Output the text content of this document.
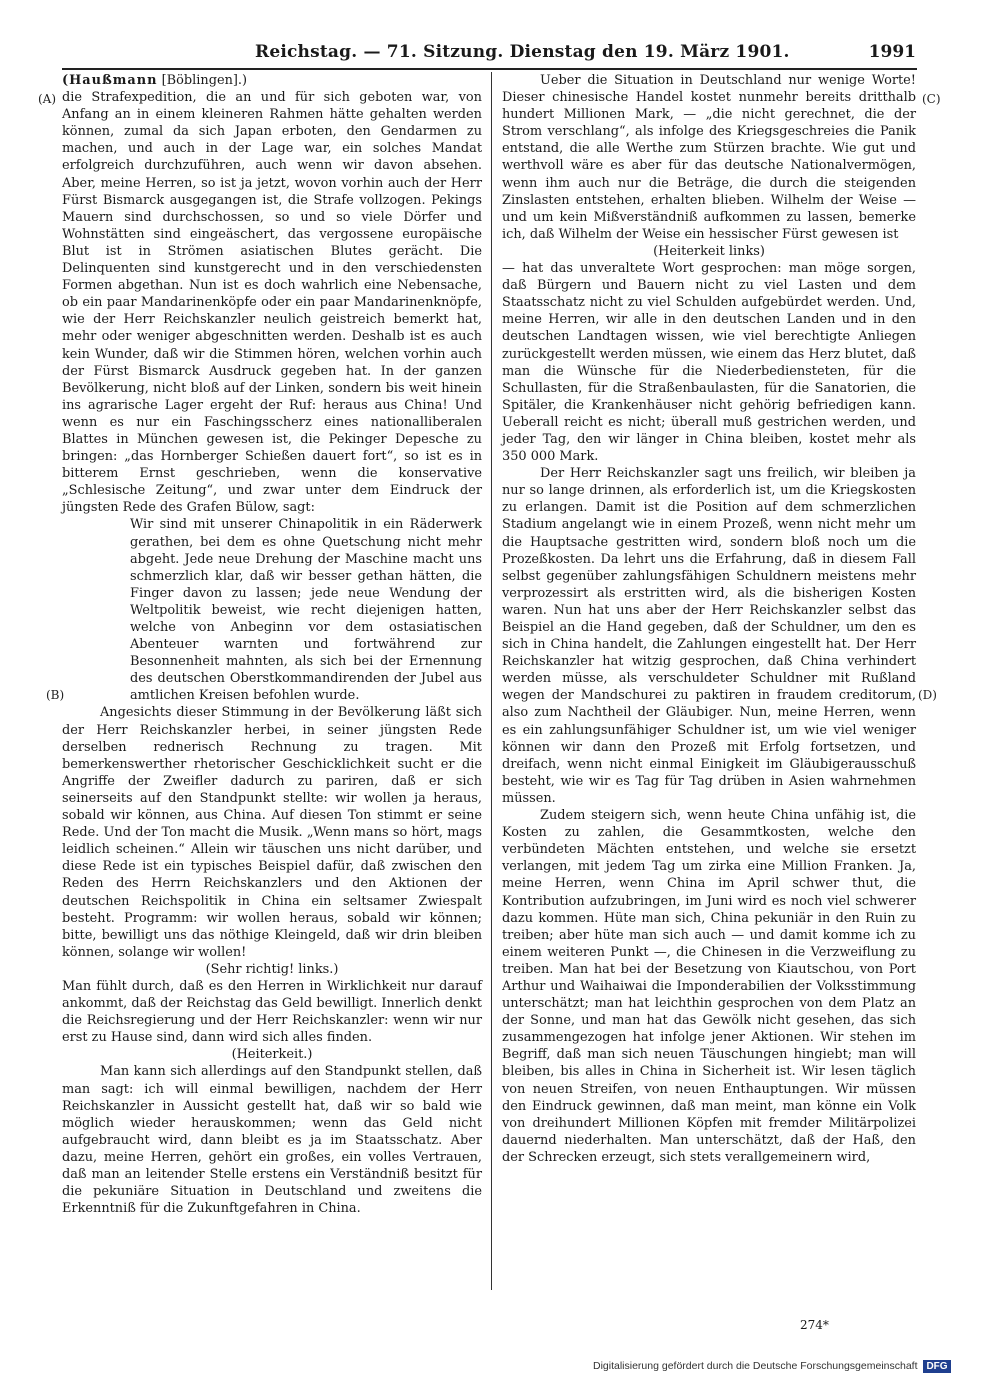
Reichstag. — 71. Sitzung. Dienstag den 19. März 1901.	1991
(A)
(B)
(C)
(D)

(Haußmann [Böblingen].)

die Strafexpedition, die an und für sich geboten war, von Anfang an in einem kleineren Rahmen hätte gehalten werden können, zumal da sich Japan erboten, den Gendarmen zu machen, und auch in der Lage war, ein solches Mandat erfolgreich durchzuführen, auch wenn wir davon absehen. Aber, meine Herren, so ist ja jetzt, wovon vorhin auch der Herr Fürst Bismarck ausgegangen ist, die Strafe vollzogen. Pekings Mauern sind durchschossen, so und so viele Dörfer und Wohnstätten sind eingeäschert, das vergossene europäische Blut ist in Strömen asiatischen Blutes gerächt. Die Delinquenten sind kunstgerecht und in den verschiedensten Formen abgethan. Nun ist es doch wahrlich eine Nebensache, ob ein paar Mandarinenköpfe oder ein paar Mandarinenknöpfe, wie der Herr Reichskanzler neulich geistreich bemerkt hat, mehr oder weniger abgeschnitten werden. Deshalb ist es auch kein Wunder, daß wir die Stimmen hören, welchen vorhin auch der Fürst Bismarck Ausdruck gegeben hat. In der ganzen Bevölkerung, nicht bloß auf der Linken, sondern bis weit hinein ins agrarische Lager ergeht der Ruf: heraus aus China! Und wenn es nur ein Faschingsscherz eines nationalliberalen Blattes in München gewesen ist, die Pekinger Depesche zu bringen: „das Hornberger Schießen dauert fort“, so ist es in bitterem Ernst geschrieben, wenn die konservative „Schlesische Zeitung“, und zwar unter dem Eindruck der jüngsten Rede des Grafen Bülow, sagt:

Wir sind mit unserer Chinapolitik in ein Räderwerk gerathen, bei dem es ohne Quetschung nicht mehr abgeht. Jede neue Drehung der Maschine macht uns schmerzlich klar, daß wir besser gethan hätten, die Finger davon zu lassen; jede neue Wendung der Weltpolitik beweist, wie recht diejenigen hatten, welche von Anbeginn vor dem ostasiatischen Abenteuer warnten und fortwährend zur Besonnenheit mahnten, als sich bei der Ernennung des deutschen Oberstkommandirenden der Jubel aus amtlichen Kreisen befohlen wurde.

Angesichts dieser Stimmung in der Bevölkerung läßt sich der Herr Reichskanzler herbei, in seiner jüngsten Rede derselben rednerisch Rechnung zu tragen. Mit bemerkenswerther rhetorischer Geschicklichkeit sucht er die Angriffe der Zweifler dadurch zu pariren, daß er sich seinerseits auf den Standpunkt stellte: wir wollen ja heraus, sobald wir können, aus China. Auf diesen Ton stimmt er seine Rede. Und der Ton macht die Musik. „Wenn mans so hört, mags leidlich scheinen.“ Allein wir täuschen uns nicht darüber, und diese Rede ist ein typisches Beispiel dafür, daß zwischen den Reden des Herrn Reichskanzlers und den Aktionen der deutschen Reichspolitik in China ein seltsamer Zwiespalt besteht. Programm: wir wollen heraus, sobald wir können; bitte, bewilligt uns das nöthige Kleingeld, daß wir drin bleiben können, solange wir wollen!

(Sehr richtig! links.)

Man fühlt durch, daß es den Herren in Wirklichkeit nur darauf ankommt, daß der Reichstag das Geld bewilligt. Innerlich denkt die Reichsregierung und der Herr Reichskanzler: wenn wir nur erst zu Hause sind, dann wird sich alles finden.

(Heiterkeit.)

Man kann sich allerdings auf den Standpunkt stellen, daß man sagt: ich will einmal bewilligen, nachdem der Herr Reichskanzler in Aussicht gestellt hat, daß wir so bald wie möglich wieder herauskommen; wenn das Geld nicht aufgebraucht wird, dann bleibt es ja im Staatsschatz. Aber dazu, meine Herren, gehört ein großes, ein volles Vertrauen, daß man an leitender Stelle erstens ein Verständniß besitzt für die pekuniäre Situation in Deutschland und zweitens die Erkenntniß für die Zukunftgefahren in China.

Ueber die Situation in Deutschland nur wenige Worte! Dieser chinesische Handel kostet nunmehr bereits dritthalb hundert Millionen Mark, — „die nicht gerechnet, die der Strom verschlang“, als infolge des Kriegsgeschreies die Panik entstand, die alle Werthe zum Stürzen brachte. Wie gut und werthvoll wäre es aber für das deutsche Nationalvermögen, wenn ihm auch nur die Beträge, die durch die steigenden Zinslasten entstehen, erhalten blieben. Wilhelm der Weise — und um kein Mißverständniß aufkommen zu lassen, bemerke ich, daß Wilhelm der Weise ein hessischer Fürst gewesen ist

(Heiterkeit links)

— hat das unveraltete Wort gesprochen: man möge sorgen, daß Bürgern und Bauern nicht zu viel Lasten und dem Staatsschatz nicht zu viel Schulden aufgebürdet werden. Und, meine Herren, wir alle in den deutschen Landen und in den deutschen Landtagen wissen, wie viel berechtigte Anliegen zurückgestellt werden müssen, wie einem das Herz blutet, daß man die Wünsche für die Niederbediensteten, für die Schullasten, für die Straßenbaulasten, für die Sanatorien, die Spitäler, die Krankenhäuser nicht gehörig befriedigen kann. Ueberall reicht es nicht; überall muß gestrichen werden, und jeder Tag, den wir länger in China bleiben, kostet mehr als 350 000 Mark.

Der Herr Reichskanzler sagt uns freilich, wir bleiben ja nur so lange drinnen, als erforderlich ist, um die Kriegskosten zu erlangen. Damit ist die Position auf dem schmerzlichen Stadium angelangt wie in einem Prozeß, wenn nicht mehr um die Hauptsache gestritten wird, sondern bloß noch um die Prozeßkosten. Da lehrt uns die Erfahrung, daß in diesem Fall selbst gegenüber zahlungsfähigen Schuldnern meistens mehr verprozessirt als erstritten wird, als die bisherigen Kosten waren. Nun hat uns aber der Herr Reichskanzler selbst das Beispiel an die Hand gegeben, daß der Schuldner, um den es sich in China handelt, die Zahlungen eingestellt hat. Der Herr Reichskanzler hat witzig gesprochen, daß China verhindert werden müsse, als verschuldeter Schuldner mit Rußland wegen der Mandschurei zu paktiren in fraudem creditorum, also zum Nachtheil der Gläubiger. Nun, meine Herren, wenn es ein zahlungsunfähiger Schuldner ist, um wie viel weniger können wir dann den Prozeß mit Erfolg fortsetzen, und dreifach, wenn nicht einmal Einigkeit im Gläubigerausschuß besteht, wie wir es Tag für Tag drüben in Asien wahrnehmen müssen.

Zudem steigern sich, wenn heute China unfähig ist, die Kosten zu zahlen, die Gesammtkosten, welche den verbündeten Mächten entstehen, und welche sie ersetzt verlangen, mit jedem Tag um zirka eine Million Franken. Ja, meine Herren, wenn China im April schwer thut, die Kontribution aufzubringen, im Juni wird es noch viel schwerer dazu kommen. Hüte man sich, China pekuniär in den Ruin zu treiben; aber hüte man sich auch — und damit komme ich zu einem weiteren Punkt —, die Chinesen in die Verzweiflung zu treiben. Man hat bei der Besetzung von Kiautschou, von Port Arthur und Waihaiwai die Imponderabilien der Volksstimmung unterschätzt; man hat leichthin gesprochen von dem Platz an der Sonne, und man hat das Gewölk nicht gesehen, das sich zusammengezogen hat infolge jener Aktionen. Wir stehen im Begriff, daß man sich neuen Täuschungen hingiebt; man will bleiben, bis alles in China in Sicherheit ist. Wir lesen täglich von neuen Streifen, von neuen Enthauptungen. Wir müssen den Eindruck gewinnen, daß man meint, man könne ein Volk von dreihundert Millionen Köpfen mit fremder Militärpolizei dauernd niederhalten. Man unterschätzt, daß der Haß, den der Schrecken erzeugt, sich stets verallgemeinern wird,

274*
Digitalisierung gefördert durch die Deutsche Forschungsgemeinschaft DFG
